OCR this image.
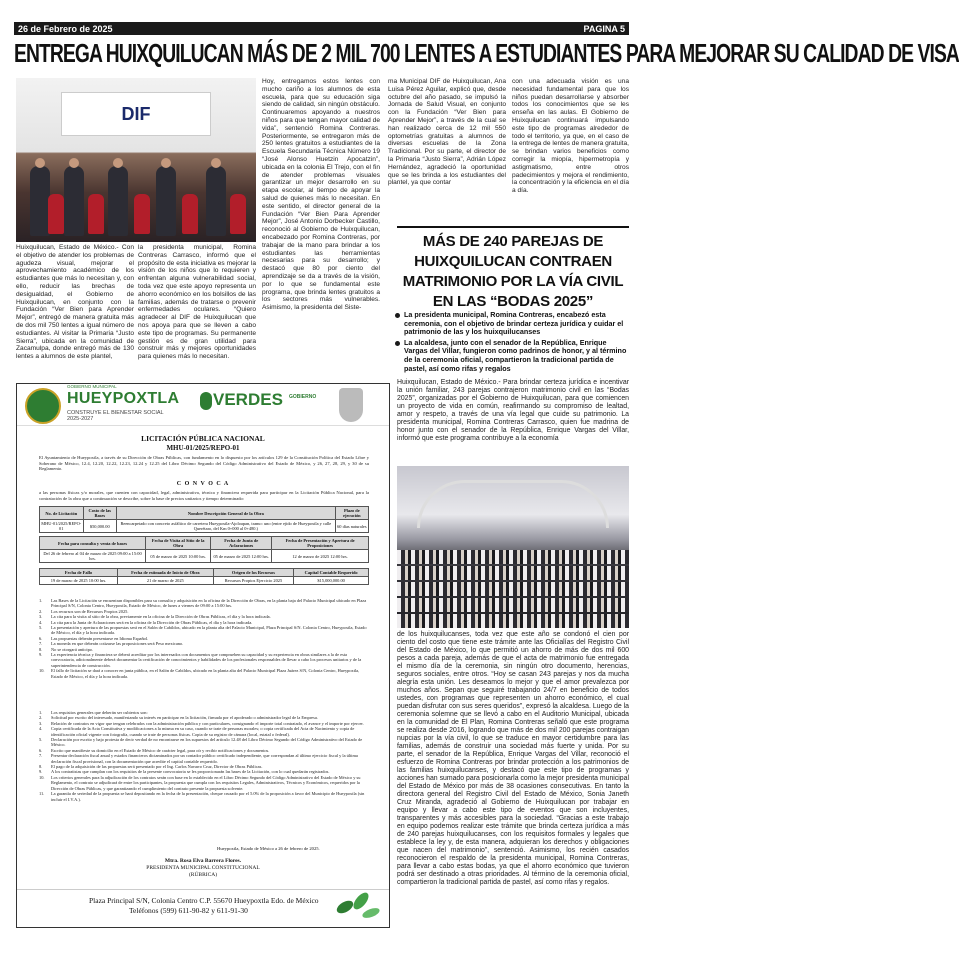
26 de Febrero de 2025	PAGINA 5
ENTREGA HUIXQUILUCAN MÁS DE 2 MIL 700 LENTES A ESTUDIANTES PARA MEJORAR SU CALIDAD DE VISA
DIF
Huixquilucan, Estado de México.- Con el objetivo de atender los problemas de agudeza visual, mejorar el aprovechamiento académico de los estudiantes que más lo necesitan y, con ello, reducir las brechas de desigualdad, el Gobierno de Huixquilucan, en conjunto con la Fundación “Ver Bien para Aprender Mejor”, entregó de manera gratuita más de dos mil 750 lentes a igual número de estudiantes. Al visitar la Primaria “Justo Sierra”, ubicada en la comunidad de Zacamulpa, donde entregó más de 130 lentes a alumnos de este plantel,
la presidenta municipal, Romina Contreras Carrasco, informó que el propósito de esta iniciativa es mejorar la visión de los niños que lo requieren y enfrentan alguna vulnerabilidad social, toda vez que este apoyo representa un ahorro económico en los bolsillos de las familias, además de tratarse o prevenir enfermedades oculares. “Quiero agradecer al DIF de Huixquilucan que nos apoya para que se lleven a cabo este tipo de programas. Su permanente gestión es de gran utilidad para construir más y mejores oportunidades para quienes más lo necesitan.
Hoy, entregamos estos lentes con mucho cariño a los alumnos de esta escuela, para que su educación siga siendo de calidad, sin ningún obstáculo. Continuaremos apoyando a nuestros niños para que tengan mayor calidad de vida”, sentenció Romina Contreras. Posteriormente, se entregaron más de 250 lentes gratuitos a estudiantes de la Escuela Secundaria Técnica Número 19 “José Alonso Huetzin Apocatzin”, ubicada en la colonia El Trejo, con el fin de atender problemas visuales garantizar un mejor desarrollo en su etapa escolar, al tiempo de apoyar la salud de quienes más lo necesitan. En este sentido, el director general de la Fundación “Ver Bien Para Aprender Mejor”, José Antonio Dorbecker Castillo, reconoció al Gobierno de Huixquilucan, encabezado por Romina Contreras, por trabajar de la mano para brindar a los estudiantes las herramientas necesarias para su desarrollo; y destacó que 80 por ciento del aprendizaje se da a través de la visión, por lo que se fundamental este programa, que brinda lentes gratuitos a los sectores más vulnerables. Asimismo, la presidenta del Siste-
ma Municipal DIF de Huixquilucan, Ana Luisa Pérez Aguilar, explicó que, desde octubre del año pasado, se impulsó la Jornada de Salud Visual, en conjunto con la Fundación “Ver Bien para Aprender Mejor”, a través de la cual se han realizado cerca de 12 mil 550 optometrías gratuitas a alumnos de diversas escuelas de la Zona Tradicional. Por su parte, el director de la Primaria “Justo Sierra”, Adrián López Hernández, agradeció la oportunidad que se les brinda a los estudiantes del plantel, ya que contar
con una adecuada visión es una necesidad fundamental para que los niños puedan desarrollarse y absorber todos los conocimientos que se les enseña en las aulas. El Gobierno de Huixquilucan continuará impulsando este tipo de programas alrededor de todo el territorio, ya que, en el caso de la entrega de lentes de manera gratuita, se brindan varios beneficios como corregir la miopía, hipermetropía y astigmatismo, entre otros padecimientos y mejora el rendimiento, la concentración y la eficiencia en el día a día.
MÁS DE 240 PAREJAS DE HUIXQUILUCAN CONTRAEN MATRIMONIO POR LA VÍA CIVIL EN LAS “BODAS 2025”
La presidenta municipal, Romina Contreras, encabezó esta ceremonia, con el objetivo de brindar certeza jurídica y cuidar el patrimonio de las y los huixquilucanses
La alcaldesa, junto con el senador de la República, Enrique Vargas del Villar, fungieron como padrinos de honor, y al término de la ceremonia oficial, compartieron la tradicional partida de pastel, así como rifas y regalos
Huixquilucan, Estado de México.- Para brindar certeza jurídica e incentivar la unión familiar, 243 parejas contrajeron matrimonio civil en las “Bodas 2025”, organizadas por el Gobierno de Huixquilucan, para que comiencen un proyecto de vida en común, reafirmando su compromiso de lealtad, amor y respeto, a través de una vía legal que cuide su patrimonio. La presidenta municipal, Romina Contreras Carrasco, quien fue madrina de honor junto con el senador de la República, Enrique Vargas del Villar, informó que este programa contribuye a la economía
de los huixquilucanses, toda vez que este año se condonó el cien por ciento del costo que tiene este trámite ante las Oficialías del Registro Civil del Estado de México, lo que permitió un ahorro de más de dos mil 600 pesos a cada pareja, además de que el acta de matrimonio fue entregada el mismo día de la ceremonia, sin ningún otro documento, herencias, seguros sociales, entre otros. “Hoy se casan 243 parejas y nos da mucha alegría esta unión. Les deseamos lo mejor y que el amor prevalezca por muchos años. Sepan que seguiré trabajando 24/7 en beneficio de todos ustedes, con programas que representen un ahorro económico, el cual puedan disfrutar con sus seres queridos”, expresó la alcaldesa. Luego de la ceremonia solemne que se llevó a cabo en el Auditorio Municipal, ubicada en la comunidad de El Plan, Romina Contreras señaló que este programa se realiza desde 2016, logrando que más de dos mil 200 parejas contraigan nupcias por la vía civil, lo que se traduce en mayor certidumbre para las familias, además de construir una sociedad más fuerte y unida. Por su parte, el senador de la República, Enrique Vargas del Villar, reconoció el esfuerzo de Romina Contreras por brindar protección a los patrimonios de las familias huixquilucanses, y destacó que este tipo de programas y acciones han sumado para posicionarla como la mejor presidenta municipal del Estado de México por más de 38 ocasiones consecutivas. En tanto la directora general del Registro Civil del Estado de México, Sonia Janeth Cruz Miranda, agradeció al Gobierno de Huixquilucan por trabajar en equipo y llevar a cabo este tipo de eventos que son incluyentes, transparentes y más accesibles para la sociedad. “Gracias a este trabajo en equipo podemos realizar este trámite que brinda certeza jurídica a más de 240 parejas huixquilucanses, con los requisitos formales y legales que establece la ley y, de esta manera, adquieran los derechos y obligaciones que nacen del matrimonio”, sentenció. Asimismo, los recién casados reconocieron el respaldo de la presidenta municipal, Romina Contreras, para llevar a cabo estas bodas, ya que el ahorro económico que tuvieron podrá ser destinado a otras prioridades. Al término de la ceremonia oficial, compartieron la tradicional partida de pastel, así como rifas y regalos.
GOBIERNO MUNICIPAL
HUEYPOXTLA
CONSTRUYE EL BIENESTAR SOCIAL
2025-2027
VERDES GOBIERNO
LICITACIÓN PÚBLICA NACIONAL
MHU-01/2025/REPO-01
El Ayuntamiento de Hueypoxtla, a través de su Dirección de Obras Públicas, con fundamento en lo dispuesto por los artículos 129 de la Constitución Política del Estado Libre y Soberano de México, 12.4, 12.20, 12.22, 12.23, 12.24 y 12.25 del Libro Décimo Segundo del Código Administrativo del Estado de México, y 26, 27, 28, 29, y 30 de su Reglamento.
C O N V O C A
a las personas físicas y/o morales, que cuenten con capacidad, legal, administrativa, técnica y financiera requerida para participar en la Licitación Pública Nacional, para la contratación de la obra que a continuación se describe, sobre la base de precios unitarios y tiempo determinado:
No. de Licitación	Costo de las Bases	Nombre Descripción General de la Obra	Plazo de ejecución
MHU-01/2025/REPO-01	$50,000.00	Reencarpetado con concreto asfáltico de carretera Hueypoxtla-Ajoloapan, tramo: uno (entre ejido de Hueypoxtla y calle Querétaro, del Km 0+000 al 0+480.)	60 días naturales
Fecha para consulta y venta de bases	Fecha de Visita al Sitio de la Obra	Fecha de Junta de Aclaraciones	Fecha de Presentación y Apertura de Proposiciones
Del 26 de febrero al 04 de marzo de 2025 09:00 a 15:00 hrs.	05 de marzo de 2025 10:00 hrs.	05 de marzo de 2025 12:00 hrs.	12 de marzo de 2025 12:00 hrs.
Fecha de Fallo	Fecha de estimada de Inicio de Obra	Origen de los Recursos	Capital Contable Requerido
19 de marzo de 2025 10:00 hrs.	21 de marzo de 2025	Recursos Propios Ejercicio 2025	$15,000,000.00
1.	Las Bases de la Licitación se encuentran disponibles para su consulta y adquisición en la oficina de la Dirección de Obras, en la planta baja del Palacio Municipal ubicado en Plaza Principal S/N, Colonia Centro, Hueypoxtla, Estado de México, de lunes a viernes de 09:00 a 15:00 hrs.
2.	Los recursos son de Recursos Propios 2025.
3.	La cita para la visita al sitio de la obra, previamente en la oficina de la Dirección de Obras Públicas, el día y la hora indicada.
4.	La cita para la Junta de Aclaraciones será en la oficina de la Dirección de Obras Públicas, el día y la hora indicada.
5.	La presentación y apertura de las propuestas será en el Salón de Cabildos, ubicado en la planta alta del Palacio Municipal, Plaza Principal S/N. Colonia Centro, Hueypoxtla, Estado de México, el día y la hora indicada.
6.	Las propuestas deberán presentarse en Idioma Español.
7.	La moneda en que deberán cotizarse las proposiciones será Peso mexicano.
8.	No se otorgará anticipo.
9.	La experiencia técnica y financiera se deberá acreditar por los interesados con documentos que comprueben su capacidad y su experiencia en obras similares a la de esta convocatoria, adicionalmente deberá documentar la certificación de conocimientos y habilidades de los profesionales responsables de llevar a cabo los procesos unitarios y de la superintendencia de construcción.
10.	El fallo de licitación se dará a conocer en junta pública, en el Salón de Cabildos, ubicado en la planta alta del Palacio Municipal Plaza Juárez S/N, Colonia Centro, Hueypoxtla, Estado de México, el día y la hora indicada.
1.	Los requisitos generales que deberán ser cubiertos son:
2.	Solicitud por escrito del interesado, manifestando su interés en participar en la licitación, firmada por el apoderado o administrador legal de la Empresa.
3.	Relación de contratos en vigor que tengan celebrados con la administración pública y con particulares, consignando el importe total contratado, el avance y el importe por ejercer.
4.	Copia certificada de la Acta Constitutiva y modificaciones a la misma en su caso, cuando se trate de personas morales; o copia certificada del Acta de Nacimiento y copia de identificación oficial vigente con fotografía, cuando se trate de personas físicas. Copia de su registro de cámara (local, estatal o federal).
5.	Declaración por escrito y bajo protesta de decir verdad de no encontrarse en los supuestos del artículo 12.48 del Libro Décimo Segundo del Código Administrativo del Estado de México.
6.	Escrito que manifieste su domicilio en el Estado de México de carácter legal, para oír y recibir notificaciones y documentos.
7.	Presentar declaración fiscal anual y estados financieros dictaminados por un contador público certificado independiente, que correspondan al último ejercicio fiscal y la última declaración fiscal provisional, con la documentación que acredite el capital contable requerido.
8.	El pago de la adquisición de las propuestas será presentado por el Ing. Carlos Navarro Cruz, Director de Obras Públicas.
9.	A los contratistas que cumplan con los requisitos de la presente convocatoria se les proporcionarán las bases de la Licitación, con lo cual quedarán registrados.
10.	Los criterios generales para la adjudicación de los contratos serán con base en lo establecido en el Libro Décimo Segundo del Código Administrativo del Estado de México y su Reglamento, el contrato se adjudicará de entre los participantes, la propuesta que cumpla con los requisitos Legales, Administrativos, Técnicos y Económicos, requeridos por la Dirección de Obras Públicas, y que garantizando el cumplimiento del contrato presente la propuesta solvente.
11.	La garantía de seriedad de la propuesta se hará depositando en la fecha de la presentación, cheque cruzado por el 5.0% de la proposición a favor del Municipio de Hueypoxtla (sin incluir el I.V.A.).
Hueypoxtla, Estado de México a 26 de febrero de 2025.
Mtra. Rosa Elva Barrera Flores.
PRESIDENTA MUNICIPAL CONSTITUCIONAL
(RÚBRICA)
Plaza Principal S/N, Colonia Centro C.P. 55670 Hueypoxtla Edo. de México
Teléfonos (599) 611-90-82 y 611-91-30
